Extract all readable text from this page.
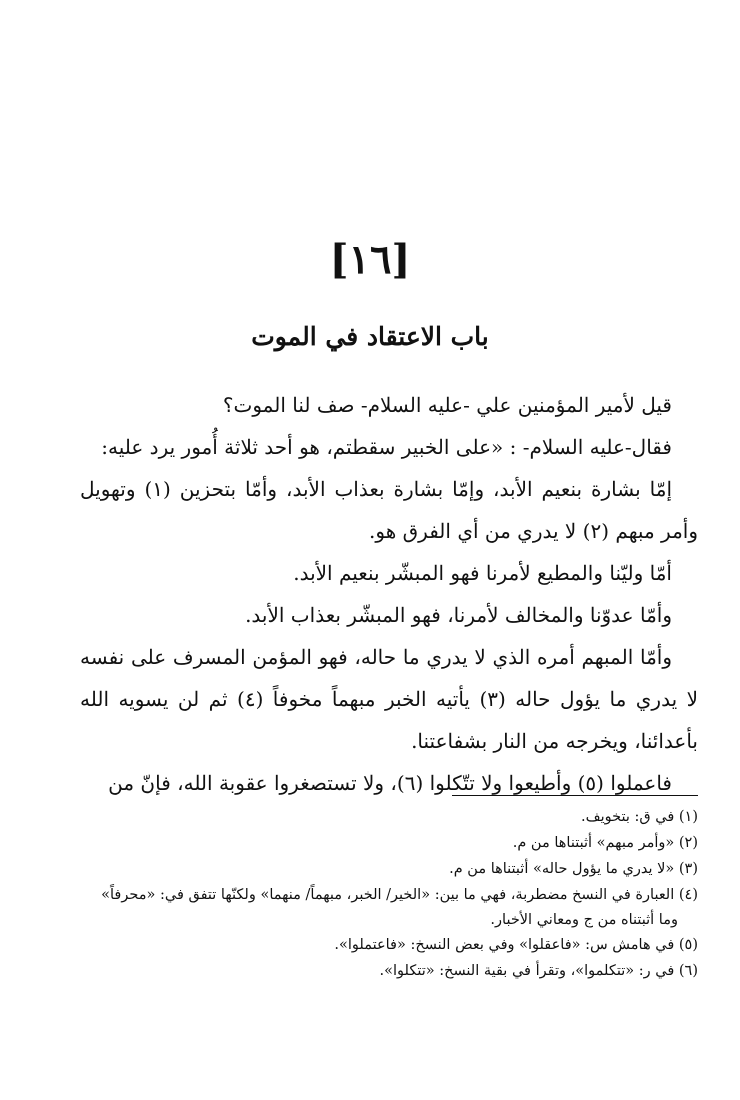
[١٦]
باب الاعتقاد في الموت

قيل لأمير المؤمنين علي -عليه السلام- صف لنا الموت؟

فقال-عليه السلام- : «على الخبير سقطتم، هو أحد ثلاثة أُمور يرد عليه:

إمّا بشارة بنعيم الأبد، وإمّا بشارة بعذاب الأبد، وأمّا بتحزين (١) وتهويل وأمر مبهم (٢) لا يدري من أي الفرق هو.

أمّا وليّنا والمطيع لأمرنا فهو المبشّر بنعيم الأبد.

وأمّا عدوّنا والمخالف لأمرنا، فهو المبشّر بعذاب الأبد.

وأمّا المبهم أمره الذي لا يدري ما حاله، فهو المؤمن المسرف على نفسه لا يدري ما يؤول حاله (٣) يأتيه الخبر مبهماً مخوفاً (٤) ثم لن يسويه الله بأعدائنا، ويخرجه من النار بشفاعتنا.

فاعملوا (٥) وأطيعوا ولا تتّكلوا (٦)، ولا تستصغروا عقوبة الله، فإنّ من

(١) في ق: بتخويف.

(٢) «وأمر مبهم» أثبتناها من م.

(٣) «لا يدري ما يؤول حاله» أثبتناها من م.

(٤) العبارة في النسخ مضطربة، فهي ما بين: «الخير/ الخبر، مبهماً/ منهما» ولكنّها تتفق في: «محرفاً»

وما أثبتناه من ج ومعاني الأخبار.

(٥) في هامش س: «فاعقلوا» وفي بعض النسخ: «فاعتملوا».

(٦) في ر: «تتكلموا»، وتقرأ في بقية النسخ: «تتكلوا».
